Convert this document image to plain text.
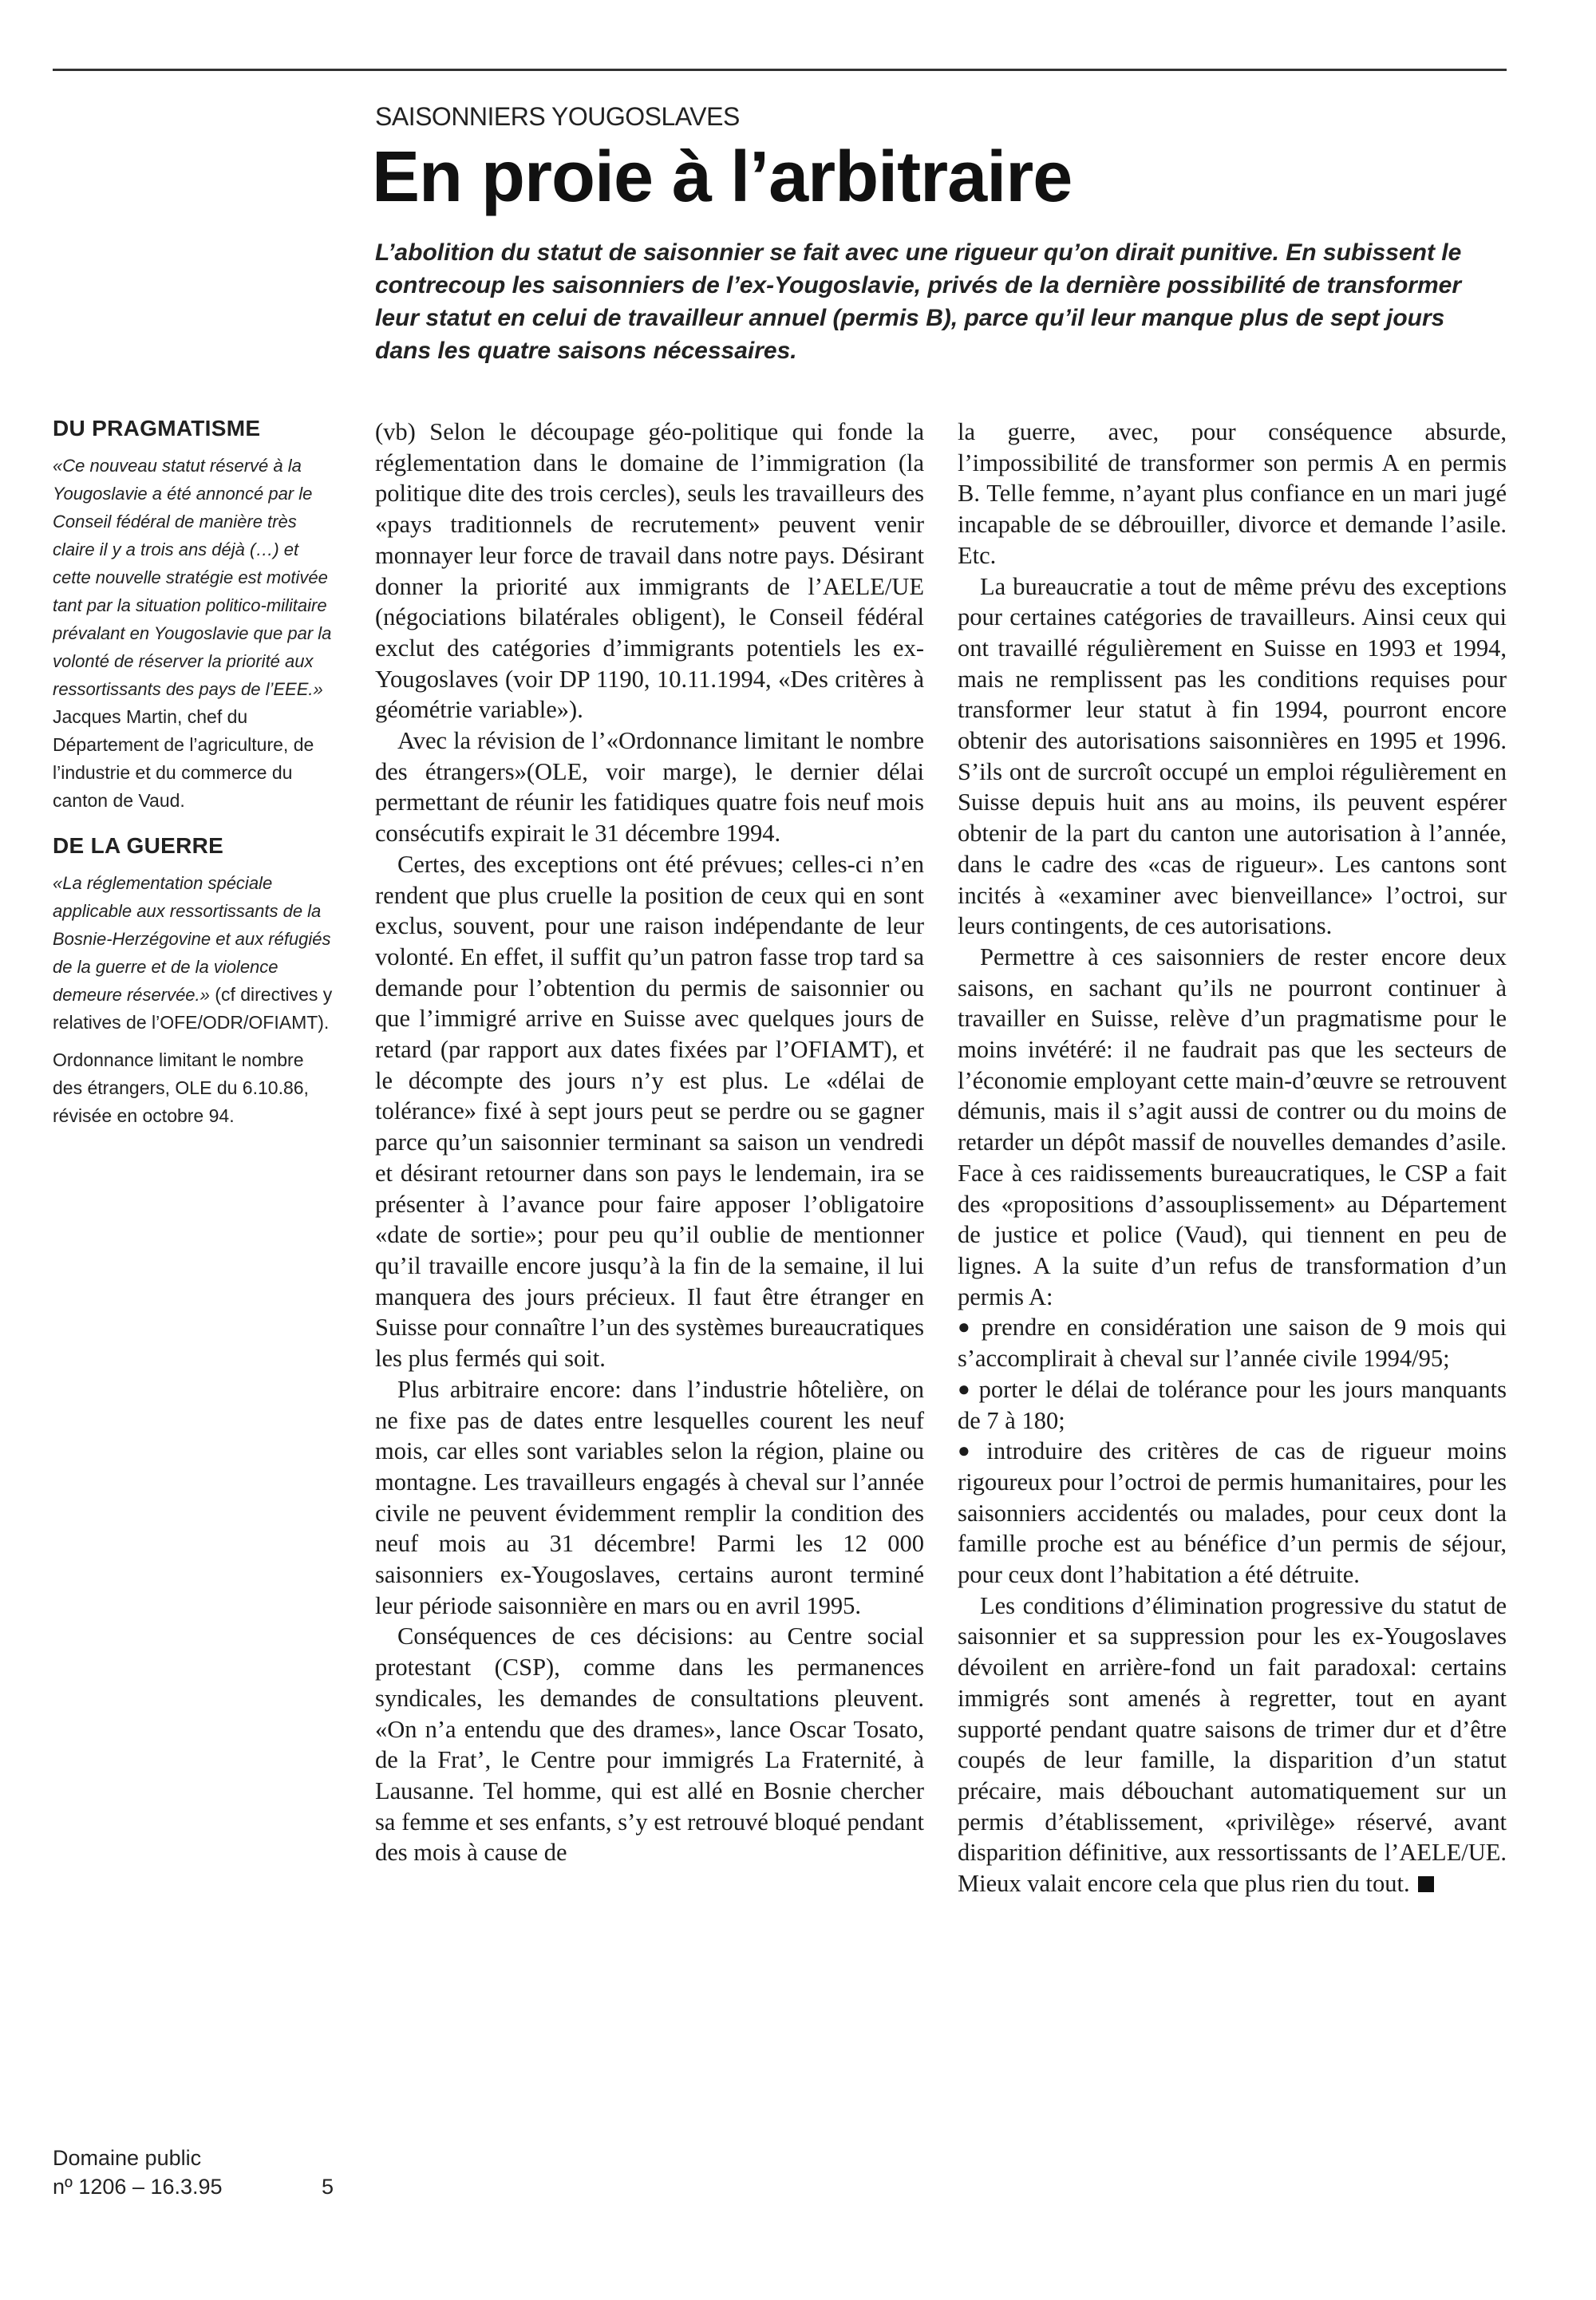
SAISONNIERS YOUGOSLAVES
En proie à l’arbitraire

L’abolition du statut de saisonnier se fait avec une rigueur qu’on dirait punitive. En subissent le contrecoup les saisonniers de l’ex-Yougoslavie, privés de la dernière possibilité de transformer leur statut en celui de travailleur annuel (permis B), parce qu’il leur manque plus de sept jours dans les quatre saisons nécessaires.

DU PRAGMATISME

«Ce nouveau statut réservé à la Yougoslavie a été annoncé par le Conseil fédéral de manière très claire il y a trois ans déjà (…) et cette nouvelle stratégie est motivée tant par la situation politico-militaire prévalant en Yougoslavie que par la volonté de réserver la priorité aux ressortissants des pays de l’EEE.»

Jacques Martin, chef du Département de l’agriculture, de l’industrie et du commerce du canton de Vaud.

DE LA GUERRE

«La réglementation spéciale applicable aux ressortissants de la Bosnie-Herzégovine et aux réfugiés de la guerre et de la violence demeure réservée.» (cf directives y relatives de l’OFE/ODR/OFIAMT).

Ordonnance limitant le nombre des étrangers, OLE du 6.10.86, révisée en octobre 94.

(vb) Selon le découpage géo-politique qui fonde la réglementation dans le domaine de l’immigration (la politique dite des trois cercles), seuls les travailleurs des «pays traditionnels de recrutement» peuvent venir monnayer leur force de travail dans notre pays. Désirant donner la priorité aux immigrants de l’AELE/UE (négociations bilatérales obligent), le Conseil fédéral exclut des catégories d’immigrants potentiels les ex-Yougoslaves (voir DP 1190, 10.11.1994, «Des critères à géométrie variable»).

Avec la révision de l’«Ordonnance limitant le nombre des étrangers»(OLE, voir marge), le dernier délai permettant de réunir les fatidiques quatre fois neuf mois consécutifs expirait le 31 décembre 1994.

Certes, des exceptions ont été prévues; celles-ci n’en rendent que plus cruelle la position de ceux qui en sont exclus, souvent, pour une raison indépendante de leur volonté. En effet, il suffit qu’un patron fasse trop tard sa demande pour l’obtention du permis de saisonnier ou que l’immigré arrive en Suisse avec quelques jours de retard (par rapport aux dates fixées par l’OFIAMT), et le décompte des jours n’y est plus. Le «délai de tolérance» fixé à sept jours peut se perdre ou se gagner parce qu’un saisonnier terminant sa saison un vendredi et désirant retourner dans son pays le lendemain, ira se présenter à l’avance pour faire apposer l’obligatoire «date de sortie»; pour peu qu’il oublie de mentionner qu’il travaille encore jusqu’à la fin de la semaine, il lui manquera des jours précieux. Il faut être étranger en Suisse pour connaître l’un des systèmes bureaucratiques les plus fermés qui soit.

Plus arbitraire encore: dans l’industrie hôtelière, on ne fixe pas de dates entre lesquelles courent les neuf mois, car elles sont variables selon la région, plaine ou montagne. Les travailleurs engagés à cheval sur l’année civile ne peuvent évidemment remplir la condition des neuf mois au 31 décembre! Parmi les 12 000 saisonniers ex-Yougoslaves, certains auront terminé leur période saisonnière en mars ou en avril 1995.

Conséquences de ces décisions: au Centre social protestant (CSP), comme dans les permanences syndicales, les demandes de consultations pleuvent. «On n’a entendu que des drames», lance Oscar Tosato, de la Frat’, le Centre pour immigrés La Fraternité, à Lausanne. Tel homme, qui est allé en Bosnie chercher sa femme et ses enfants, s’y est retrouvé bloqué pendant des mois à cause de

la guerre, avec, pour conséquence absurde, l’impossibilité de transformer son permis A en permis B. Telle femme, n’ayant plus confiance en un mari jugé incapable de se débrouiller, divorce et demande l’asile. Etc.

La bureaucratie a tout de même prévu des exceptions pour certaines catégories de travailleurs. Ainsi ceux qui ont travaillé régulièrement en Suisse en 1993 et 1994, mais ne remplissent pas les conditions requises pour transformer leur statut à fin 1994, pourront encore obtenir des autorisations saisonnières en 1995 et 1996. S’ils ont de surcroît occupé un emploi régulièrement en Suisse depuis huit ans au moins, ils peuvent espérer obtenir de la part du canton une autorisation à l’année, dans le cadre des «cas de rigueur». Les cantons sont incités à «examiner avec bienveillance» l’octroi, sur leurs contingents, de ces autorisations.

Permettre à ces saisonniers de rester encore deux saisons, en sachant qu’ils ne pourront continuer à travailler en Suisse, relève d’un pragmatisme pour le moins invétéré: il ne faudrait pas que les secteurs de l’économie employant cette main-d’œuvre se retrouvent démunis, mais il s’agit aussi de contrer ou du moins de retarder un dépôt massif de nouvelles demandes d’asile. Face à ces raidissements bureaucratiques, le CSP a fait des «propositions d’assouplissement» au Département de justice et police (Vaud), qui tiennent en peu de lignes. A la suite d’un refus de transformation d’un permis A:

● prendre en considération une saison de 9 mois qui s’accomplirait à cheval sur l’année civile 1994/95;

● porter le délai de tolérance pour les jours manquants de 7 à 180;

● introduire des critères de cas de rigueur moins rigoureux pour l’octroi de permis humanitaires, pour les saisonniers accidentés ou malades, pour ceux dont la famille proche est au bénéfice d’un permis de séjour, pour ceux dont l’habitation a été détruite.

Les conditions d’élimination progressive du statut de saisonnier et sa suppression pour les ex-Yougoslaves dévoilent en arrière-fond un fait paradoxal: certains immigrés sont amenés à regretter, tout en ayant supporté pendant quatre saisons de trimer dur et d’être coupés de leur famille, la disparition d’un statut précaire, mais débouchant automatiquement sur un permis d’établissement, «privilège» réservé, avant disparition définitive, aux ressortissants de l’AELE/UE. Mieux valait encore cela que plus rien du tout.

Domaine public
nº 1206 – 16.3.95	5
